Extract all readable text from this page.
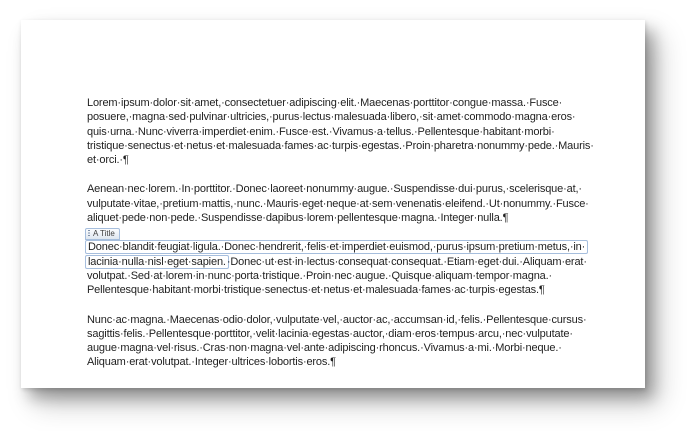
Lorem·ipsum·dolor·sit·amet,·consectetuer·adipiscing·elit.·Maecenas·porttitor·congue·massa.·Fusce·
posuere,·magna·sed·pulvinar·ultricies,·purus·lectus·malesuada·libero,·sit·amet·commodo·magna·eros·
quis·urna.·Nunc·viverra·imperdiet·enim.·Fusce·est.·Vivamus·a·tellus.·Pellentesque·habitant·morbi·
tristique·senectus·et·netus·et·malesuada·fames·ac·turpis·egestas.·Proin·pharetra·nonummy·pede.·Mauris·
et·orci.·¶
Aenean·nec·lorem.·In·porttitor.·Donec·laoreet·nonummy·augue.·Suspendisse·dui·purus,·scelerisque·at,·
vulputate·vitae,·pretium·mattis,·nunc.·Mauris·eget·neque·at·sem·venenatis·eleifend.·Ut·nonummy.·Fusce·
aliquet·pede·non·pede.·Suspendisse·dapibus·lorem·pellentesque·magna.·Integer·nulla.¶
A Title
Donec·blandit·feugiat·ligula.·Donec·hendrerit,·felis·et·imperdiet·euismod,·purus·ipsum·pretium·metus,·in·
lacinia·nulla·nisl·eget·sapien.·Donec·ut·est·in·lectus·consequat·consequat.·Etiam·eget·dui.·Aliquam·erat·
volutpat.·Sed·at·lorem·in·nunc·porta·tristique.·Proin·nec·augue.·Quisque·aliquam·tempor·magna.·
Pellentesque·habitant·morbi·tristique·senectus·et·netus·et·malesuada·fames·ac·turpis·egestas.¶
Nunc·ac·magna.·Maecenas·odio·dolor,·vulputate·vel,·auctor·ac,·accumsan·id,·felis.·Pellentesque·cursus·
sagittis·felis.·Pellentesque·porttitor,·velit·lacinia·egestas·auctor,·diam·eros·tempus·arcu,·nec·vulputate·
augue·magna·vel·risus.·Cras·non·magna·vel·ante·adipiscing·rhoncus.·Vivamus·a·mi.·Morbi·neque.·
Aliquam·erat·volutpat.·Integer·ultrices·lobortis·eros.¶
